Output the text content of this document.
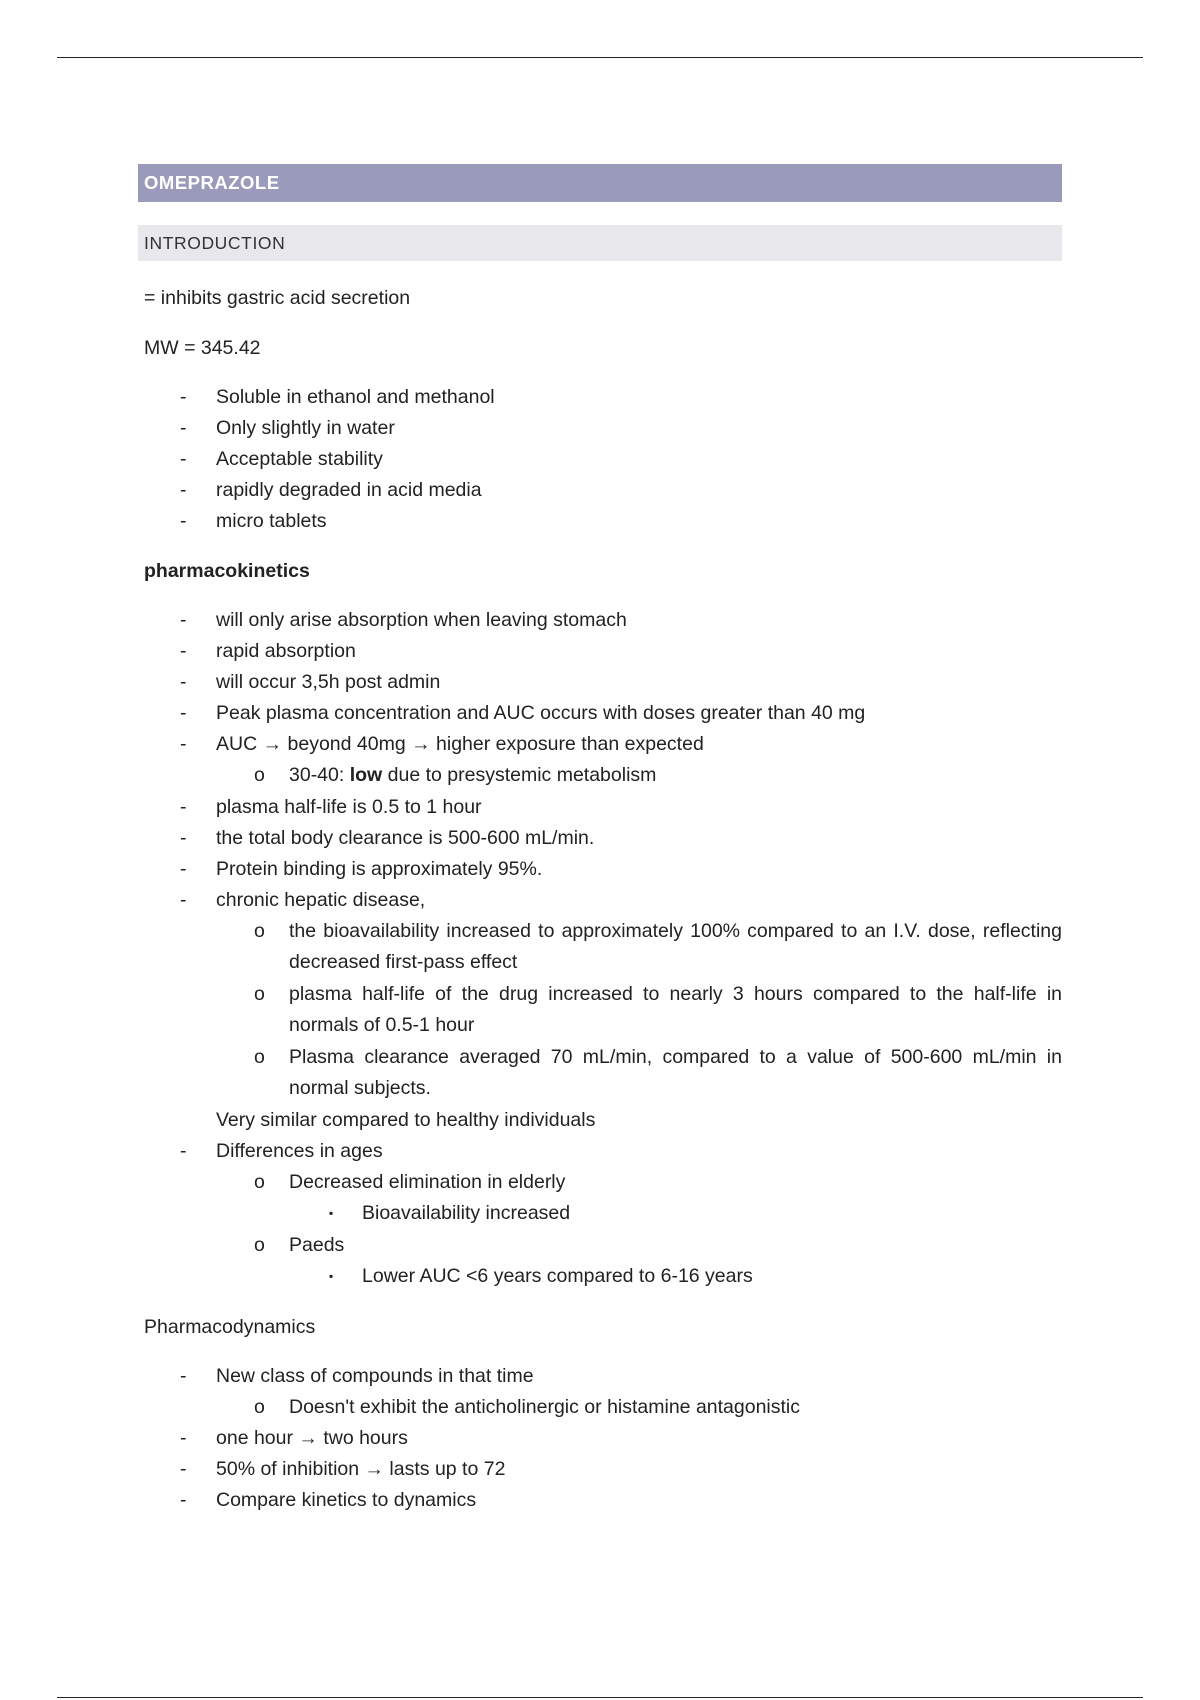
OMEPRAZOLE
INTRODUCTION
= inhibits gastric acid secretion
MW = 345.42
- Soluble in ethanol and methanol
- Only slightly in water
- Acceptable stability
- rapidly degraded in acid media
- micro tablets
pharmacokinetics
- will only arise absorption when leaving stomach
- rapid absorption
- will occur 3,5h post admin
- Peak plasma concentration and AUC occurs with doses greater than 40 mg
- AUC → beyond 40mg → higher exposure than expected
o 30-40: low due to presystemic metabolism
- plasma half-life is 0.5 to 1 hour
- the total body clearance is 500-600 mL/min.
- Protein binding is approximately 95%.
- chronic hepatic disease,
o the bioavailability increased to approximately 100% compared to an I.V. dose, reflecting decreased first-pass effect
o plasma half-life of the drug increased to nearly 3 hours compared to the half-life in normals of 0.5-1 hour
o Plasma clearance averaged 70 mL/min, compared to a value of 500-600 mL/min in normal subjects.
Very similar compared to healthy individuals
- Differences in ages
o Decreased elimination in elderly
▪ Bioavailability increased
o Paeds
▪ Lower AUC <6 years compared to 6-16 years
Pharmacodynamics
- New class of compounds in that time
o Doesn't exhibit the anticholinergic or histamine antagonistic
- one hour → two hours
- 50% of inhibition → lasts up to 72
- Compare kinetics to dynamics
